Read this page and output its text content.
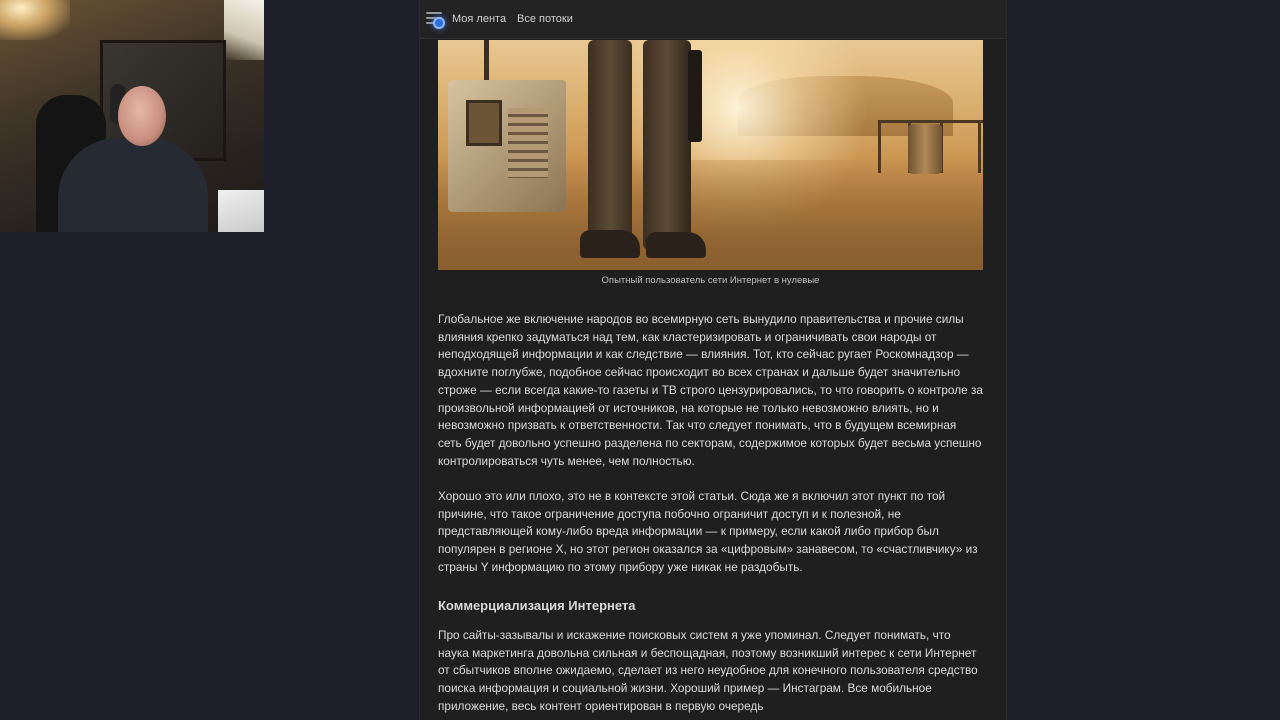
Моя лента Все потоки
Опытный пользователь сети Интернет в нулевые

Глобальное же включение народов во всемирную сеть вынудило правительства и прочие силы влияния крепко задуматься над тем, как кластеризировать и ограничивать свои народы от неподходящей информации и как следствие — влияния. Тот, кто сейчас ругает Роскомнадзор — вдохните поглубже, подобное сейчас происходит во всех странах и дальше будет значительно строже — если всегда какие-то газеты и ТВ строго цензурировались, то что говорить о контроле за произвольной информацией от источников, на которые не только невозможно влиять, но и невозможно призвать к ответственности. Так что следует понимать, что в будущем всемирная сеть будет довольно успешно разделена по секторам, содержимое которых будет весьма успешно контролироваться чуть менее, чем полностью.

Хорошо это или плохо, это не в контексте этой статьи. Сюда же я включил этот пункт по той причине, что такое ограничение доступа побочно ограничит доступ и к полезной, не представляющей кому-либо вреда информации — к примеру, если какой либо прибор был популярен в регионе X, но этот регион оказался за «цифровым» занавесом, то «счастливчику» из страны Y информацию по этому прибору уже никак не раздобыть.

Коммерциализация Интернета

Про сайты-зазывалы и искажение поисковых систем я уже упоминал. Следует понимать, что наука маркетинга довольна сильная и беспощадная, поэтому возникший интерес к сети Интернет от сбытчиков вполне ожидаемо, сделает из него неудобное для конечного пользователя средство поиска информация и социальной жизни. Хороший пример — Инстаграм. Все мобильное приложение, весь контент ориентирован в первую очередь
